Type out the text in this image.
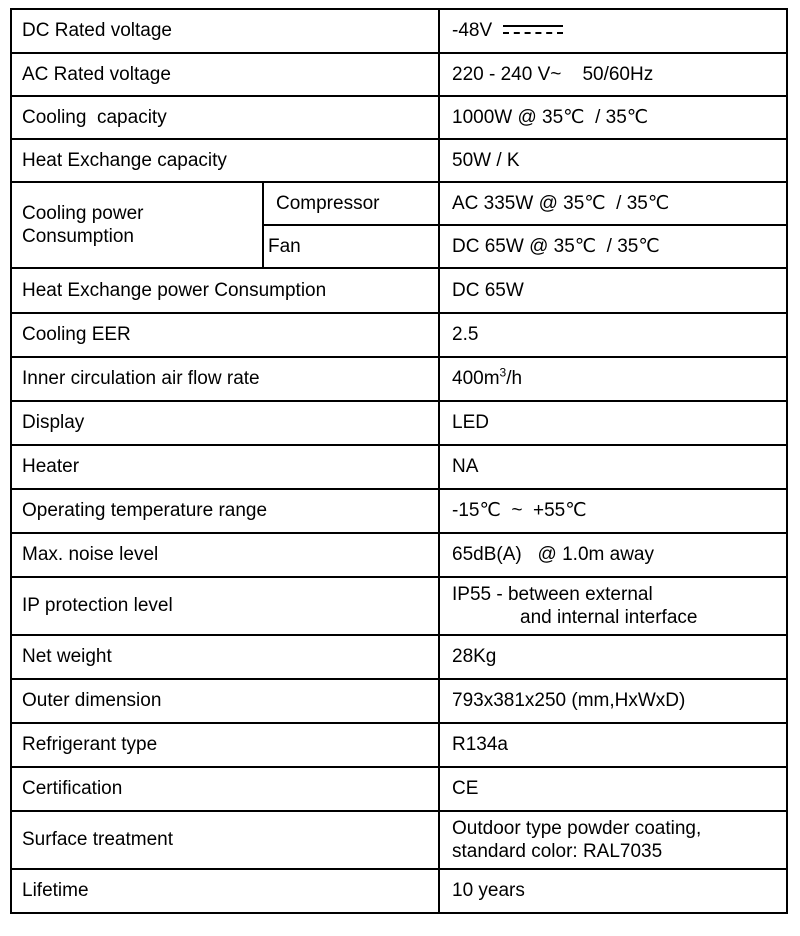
DC Rated voltage		-48V

AC Rated voltage		220 - 240 V~    50/60Hz
Cooling  capacity		1000W @ 35℃  / 35℃
Heat Exchange capacity		50W / K

Cooling power
Consumption	Compressor	AC 335W @ 35℃  / 35℃
	Fan	DC 65W @ 35℃  / 35℃
Heat Exchange power Consumption		DC 65W
Cooling EER		2.5
Inner circulation air flow rate		$400m^3/h$
Display		LED
Heater		NA
Operating temperature range		-15℃  ~  +55℃
Max. noise level		65dB(A)   @ 1.0m away
IP protection level		IP55 - between external
and internal interface

Net weight		28Kg
Outer dimension		793x381x250 (mm,HxWxD)
Refrigerant type		R134a
Certification		CE
Surface treatment		Outdoor type powder coating,
standard color: RAL7035

Lifetime		10 years
